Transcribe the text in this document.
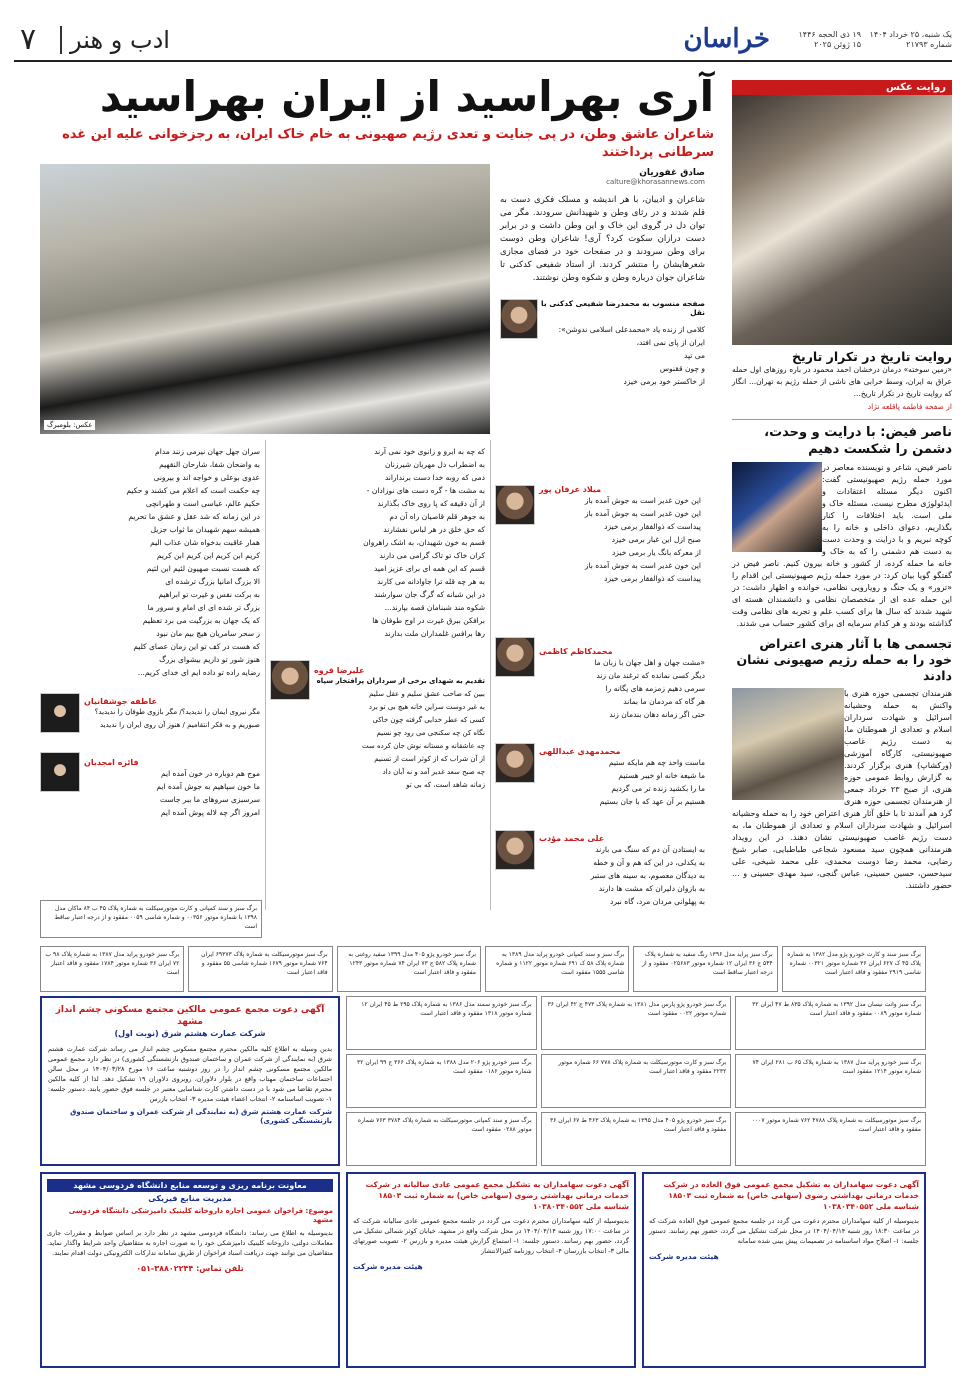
یک شنبه، ۲۵ خرداد ۱۴۰۴
شماره ۲۱۷۹۳
۱۹ ذی الحجه ۱۴۴۶
۱۵ ژوئن ۲۰۲۵
خراسان
۷ ادب و هنر
روایت عکس
روایت تاریخ در تکرار تاریخ
«زمین سوخته» درمان درخشان احمد محمود در باره روزهای اول حمله عراق به ایران، وسط خرابی های ناشی از حمله رژیم به تهران... انگار که روایت تاریخ در تکرار تاریخ...
از صفحه فاطمه پاقلعه نژاد
ناصر فیض: با درایت و وحدت، دشمن را شکست دهیم
ناصر فیض، شاعر و نویسنده معاصر در مورد حمله رژیم صهیونیستی گفت: اکنون دیگر مسئله اعتقادات و ایدئولوژی مطرح نیست، مسئله خاک و ملی است. باید اختلافات را کنار بگذاریم، دعوای داخلی و خانه را به کوچه نبریم و با درایت و وحدت دست به دست هم دشمنی را که به خاک و خانه ما حمله کرده، از کشور و خانه بیرون کنیم. ناصر فیض در گفتگو گویا بیان کرد: در مورد حمله رژیم صهیونیستی این اقدام را «ترور» و یک جنگ و رویارویی نظامی، خوانده و اظهار داشت: در این حمله عده ای از متخصصان نظامی و دانشمندان هسته ای شهید شدند که سال ها برای کسب علم و تجربه های نظامی وقت گذاشته بودند و هر کدام سرمایه ای برای کشور حساب می شدند.
تجسمی ها با آثار هنری اعتراض خود را به حمله رژیم صهیونی نشان دادند
هنرمندان تجسمی حوزه هنری با واکنش به حمله وحشیانه اسرائیل و شهادت سرداران اسلام و تعدادی از هموطنان ما، به دست رژیم غاصب صهیونیستی، کارگاه آموزشی (ورکشاپ) هنری برگزار کردند. به گزارش روابط عمومی حوزه هنری، از صبح ۲۳ خرداد جمعی از هنرمندان تجسمی حوزه هنری گرد هم آمدند تا با خلق آثار هنری اعتراض خود را به حمله وحشیانه اسرائیل و شهادت سرداران اسلام و تعدادی از هموطنان ما، به دست رژیم غاصب صهیونیستی نشان دهند. در این رویداد هنرمندانی همچون سید مسعود شجاعی طباطبایی، صابر شیخ رضایی، محمد رضا دوست محمدی، علی محمد شیخی، علی سیدحسن، حسین حسینی، عباس گنجی، سید مهدی حسینی و ... حضور داشتند.
آری بهراسید از ایران بهراسید
شاعران عاشق وطن، در پی جنایت و تعدی رژیم صهیونی به خام خاک ایران، به رجزخوانی علیه این غده سرطانی پرداختند
عکس: بلومبرگ
صادق غفوریان
calture@khorasannews.com
شاعران و ادیبان، با هر اندیشه و مسلک فکری دست به قلم شدند و در رثای وطن و شهیدانش سرودند. مگر می توان دل در گروی این خاک و این وطن داشت و در برابر دست درازان سکوت کرد؟ آری! شاعران وطن دوست برای وطن سرودند و در صفحات خود در فضای مجازی شعرهایشان را منتشر کردند. از استاد شفیعی کدکنی تا شاعران جوان درباره وطن و شکوه وطن نوشتند.
صفحه منسوب به محمدرضا شفیعی کدکنی با نقل
کلامی از زنده یاد «محمدعلی اسلامی ندوشن»:
ایران از پای نمی افتد،
می تپد
و چون ققنوس
از خاکستر خود برمی خیزد
میلاد عرفان پور
این خون غدیر است به جوش آمده باز
این خون غدیر است به جوش آمده باز
پیداست که ذوالفقار برمی خیزد
صبح ازل این غبار برمی خیزد
از معرکه بانگ یار برمی خیزد
این خون غدیر است به جوش آمده باز
پیداست که ذوالفقار برمی خیزد
محمدکاظم کاظمی
«مشت جهان و اهل جهان با زبان ما
دیگر کسی نمانده که ترغند مان زند
سرمی دهیم زمزمه های یگانه را
هر گاه که مردمان ما بماند
حتی اگر زمانه دهان بندمان زند
محمدمهدی عبداللهی
ماست واحد چه هم مایکه ستیم
ما شیعه خانه او خیبر هستیم
ما را بکشید زنده تر می گردیم
هستیم بر آن عهد که با جان بستیم
علی محمد مؤدب
به ایستادن آن دم که سنگ می بارند
به یکدلی، در این که هم و آن و خطه
به دیدگان معصوم، به سینه های ستبر
به بازوان دلیران که مشت ها دارند
به پهلوانی مردان مرد، گاه نبرد
که چه به ابرو و زانوی خود نمی آرند
به اضطراب دل مهربان شیرزنان
دمی که روبه خدا دست برنداراند
به مشت ها - گره دست های نوزادان -
از آن دقیقه که پا روی خاک بگذارند
به جوهر قلم قاصیان راه آن دم
که حق خلق در هر لباس نفشارند
قسم به خون شهیدان، به اشک راهروان
کران خاک تو تاک گرامی می دارند
قسم که این همه ای برای عزیز امید
به هر چه قله ترا جاوادانه می کارند
در این شبانه که گرگ جان سوارشند
شکوه مند شبنامان قصه بپارند...
برافکن ببرق غیرت در اوج طوفان ها
رها برافس غلمداران ملت بدارند
علیرضا قزوه
تقدیم به شهدای برخی از سرداران پرافتخار سپاه
ببین که صاحب عشق سلیم و عقل سلیم
به غیر دوست سراین خانه هیچ بی تو برد
کسی که عطر خدایی گرفته چون خاکی
نگاه کن چه سکنجی می رود چو نسیم
چه عاشقانه و مستانه نوش جان کرده ست
از آن شراب که از کوثر است از تسنیم
چه صبح سعد غدیر آمد و نه آبان داد
زمانه شاهد است، که بی تو
سران جهل جهان نیرمی زنند مدام
به واضحان شفا، شارحان النقهیم
عدوی بوعلی و خواجه اند و بیرونی
چه حکمت است که اعلام می کشند و حکیم
حکیم عالم، عباسی است و طهرانچی
در این زمانه که شد عقل و عشق ما تحریم
همیشه سهم شهیدان ما ثواب جزیل
همار عاقبت بدخواه شان عذاب الیم
کریم ابن کریم ابن کریم ابن کریم
که هست نسبت صهیون لئیم ابن لئیم
الا بزرگ امانیا بزرگ ترشده ای
به برکت نفس و غیرت تو ابراهیم
بزرگ تر شده ای ای امام و سرور ما
که یک جهان به بزرگیت می برد تعظیم
ز سحر سامریان هیچ بیم مان نبود
که هست در کف تو این زمان عصای کلیم
هنوز شور تو داریم بیشوای بزرگ
رضایه راده تو داده ایم ای خدای کریم...
عاطفه جوشقانیان
مگر نیروی ایمان را ندیدید؟/ مگر بازوی طوفان را ندیدید؟
صبوریم و به فکر انتقامیم / هنوز آن روی ایران را ندیدید
فائزه امجدیان
موج هم دوباره در خون آمده ایم
ما خون سپاهیم به جوش آمده ایم
سرسبزی سروهای ما ببر جاست
امروز اگر چه لاله پوش آمده ایم
برگ سبز و سند کمپانی و کارت موتورسیکلت به شماره پلاک ۴۵ ب ۸۴ ماکان مدل ۱۳۹۸ با شماره موتور ۰۰۳۵۶ و شماره شاسی ۰۰۵۹ مفقود و از درجه اعتبار ساقط است
برگ سبز خودرو پراید مدل ۱۳۸۷ به شماره پلاک ۹۸ ب ۷۲ ایران ۳۶ شماره موتور ۱۷۸۴ مفقود و فاقد اعتبار است
برگ سبز موتورسیکلت به شماره پلاک ۶۹۳۷۳ ایران ۷۶۴ شماره موتور ۱۶۷۹ شماره شاسی ۵۵ مفقود و فاقد اعتبار است
برگ سبز خودرو پژو ۴۰۵ مدل ۱۳۹۹ سفید روغنی به شماره پلاک ۵۸۲ ج ۷۳ ایران ۷۴ شماره موتور ۱۲۴۳ مفقود و فاقد اعتبار است
برگ سبز و سند کمپانی خودرو پراید مدل ۱۳۸۹ به شماره پلاک ۵۸ ک ۶۹۱ شماره موتور ۱۱۲۲ و شماره شاسی ۱۵۵۵ مفقود است
برگ سبز پراید مدل ۱۳۹۶ رنگ سفید به شماره پلاک ۵۴۴ ج ۳۶ ایران ۱۲ شماره موتور ۰۲۵۶۸۳ مفقود و از درجه اعتبار ساقط است
برگ سبز سند و کارت خودرو پژو مدل ۱۳۸۲ به شماره پلاک ۴۵ ک ۶۲۷ ایران ۳۶ شماره موتور ۰۰۳۲۱ شماره شاسی ۲۹۱۹ مفقود و فاقد اعتبار است
آگهی دعوت مجمع عمومی مالکین مجتمع مسکونی چشم انداز مشهد
شرکت عمارت هشتم شرق (نوبت اول)
بدین وسیله به اطلاع کلیه مالکین محترم مجتمع مسکونی چشم انداز می رساند شرکت عمارت هشتم شرق (به نمایندگی از شرکت عمران و ساختمان صندوق بازنشستگی کشوری) در نظر دارد مجمع عمومی مالکین مجتمع مسکونی چشم انداز را در روز دوشنبه ساعت ۱۶ مورخ ۱۴۰۴/۰۳/۲۸ در محل سالن اجتماعات ساختمان مهتاب واقع در بلوار دلاوران، روبروی دلاوران ۱۹ تشکیل دهد. لذا از کلیه مالکین محترم تقاضا می شود با در دست داشتن کارت شناسایی معتبر در جلسه فوق حضور یابند. دستور جلسه: ۱- تصویب اساسنامه ۲- انتخاب اعضاء هیئت مدیره ۳- انتخاب بازرس
شرکت عمارت هشتم شرق (به نمایندگی از شرکت عمران و ساختمان صندوق بازنشستگی کشوری)
برگ سبز وانت نیسان مدل ۱۳۹۲ به شماره پلاک ۸۳۵ ط ۴۷ ایران ۳۲ شماره موتور ۰۰۸۹ مفقود و فاقد اعتبار است
برگ سبز خودرو پژو پارس مدل ۱۳۸۱ به شماره پلاک ۴۷۳ ج ۴۲ ایران ۳۶ شماره موتور ۰۰۲۲ مفقود است
برگ سبز خودرو سمند مدل ۱۳۸۶ به شماره پلاک ۲۹۵ ط ۴۵ ایران ۱۲ شماره موتور ۱۳۱۸ مفقود و فاقد اعتبار است
برگ سبز خودرو پراید مدل ۱۳۸۷ به شماره پلاک ۶۵ ب ۲۸۱ ایران ۷۴ شماره موتور ۱۲۱۴ مفقود است
برگ سبز و کارت موتورسیکلت به شماره پلاک ۷۷۸ ۶۶ شماره موتور ۲۲۳۲ مفقود و فاقد اعتبار است
برگ سبز خودرو پژو ۲۰۶ مدل ۱۳۸۸ به شماره پلاک ۳۶۶ ج ۹۹ ایران ۳۲ شماره موتور ۰۱۸۶ مفقود است
برگ سبز موتورسیکلت به شماره پلاک ۴۷۸۸ ۷۶۲ شماره موتور ۰۰۰۷ مفقود و فاقد اعتبار است
برگ سبز خودرو پژو ۴۰۵ مدل ۱۳۹۵ به شماره پلاک ۴۶۳ ط ۶۷ ایران ۳۶ مفقود و فاقد اعتبار است
برگ سبز و سند کمپانی موتورسیکلت به شماره پلاک ۳۷۸۴ ۷۶۳ شماره موتور ۰۲۸۸ مفقود است
معاونت برنامه ریزی و توسعه منابع دانشگاه فردوسی مشهد
مدیریت منابع فیزیکی
موضوع: فراخوان عمومی اجاره داروخانه کلینیک دامپزشکی دانشگاه فردوسی مشهد
بدینوسیله به اطلاع می رساند: دانشگاه فردوسی مشهد در نظر دارد بر اساس ضوابط و مقررات جاری معاملات دولتی، داروخانه کلینیک دامپزشکی خود را به صورت اجاره به متقاضیان واجد شرایط واگذار نماید. متقاضیان می توانند جهت دریافت اسناد فراخوان از طریق سامانه تدارکات الکترونیکی دولت اقدام نمایند.
تلفن تماس: ۳۸۸۰۲۲۴۴-۰۵۱
آگهی دعوت سهامداران به تشکیل مجمع عمومی عادی سالیانه در شرکت خدمات درمانی بهداشتی رضوی (سهامی خاص) به شماره ثبت ۱۸۵۰۳ شناسه ملی ۱۰۳۸۰۳۴۰۵۵۲
بدینوسیله از کلیه سهامداران محترم دعوت می گردد در جلسه مجمع عمومی عادی سالیانه شرکت که در ساعت ۱۷:۰۰ روز شنبه ۱۴۰۴/۰۴/۱۴ در محل شرکت واقع در مشهد، خیابان کوثر شمالی تشکیل می گردد، حضور بهم رسانند. دستور جلسه: ۱- استماع گزارش هیئت مدیره و بازرس ۲- تصویب صورتهای مالی ۳- انتخاب بازرسان ۴- انتخاب روزنامه کثیرالانتشار
هیئت مدیره شرکت
آگهی دعوت سهامداران به تشکیل مجمع عمومی فوق العاده در شرکت خدمات درمانی بهداشتی رضوی (سهامی خاص) به شماره ثبت ۱۸۵۰۳ شناسه ملی ۱۰۳۸۰۳۴۰۵۵۲
بدینوسیله از کلیه سهامداران محترم دعوت می گردد در جلسه مجمع عمومی فوق العاده شرکت که در ساعت ۱۸:۳۰ روز شنبه ۱۴۰۴/۰۴/۱۴ در محل شرکت تشکیل می گردد، حضور بهم رسانند. دستور جلسه: ۱- اصلاح مواد اساسنامه در تصمیمات پیش بینی شده سامانه
هیئت مدیره شرکت
